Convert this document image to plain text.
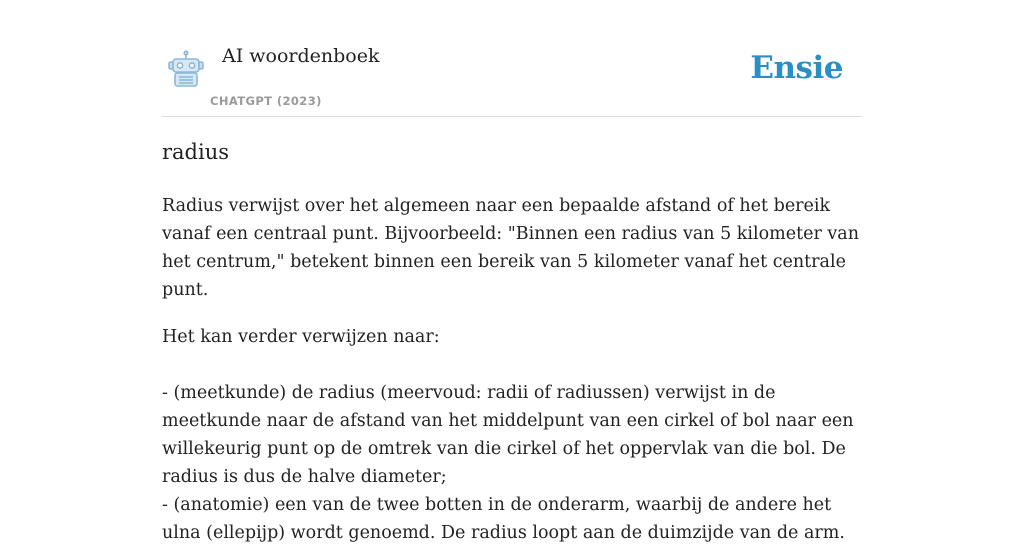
AI woordenboek
CHATGPT (2023)
Ensie
radius

Radius verwijst over het algemeen naar een bepaalde afstand of het bereik vanaf een centraal punt. Bijvoorbeeld: "Binnen een radius van 5 kilometer van het centrum," betekent binnen een bereik van 5 kilometer vanaf het centrale punt.

Het kan verder verwijzen naar:

- (meetkunde) de radius (meervoud: radii of radiussen) verwijst in de meetkunde naar de afstand van het middelpunt van een cirkel of bol naar een willekeurig punt op de omtrek van die cirkel of het oppervlak van die bol. De radius is dus de halve diameter;

- (anatomie) een van de twee botten in de onderarm, waarbij de andere het ulna (ellepijp) wordt genoemd. De radius loopt aan de duimzijde van de arm.
